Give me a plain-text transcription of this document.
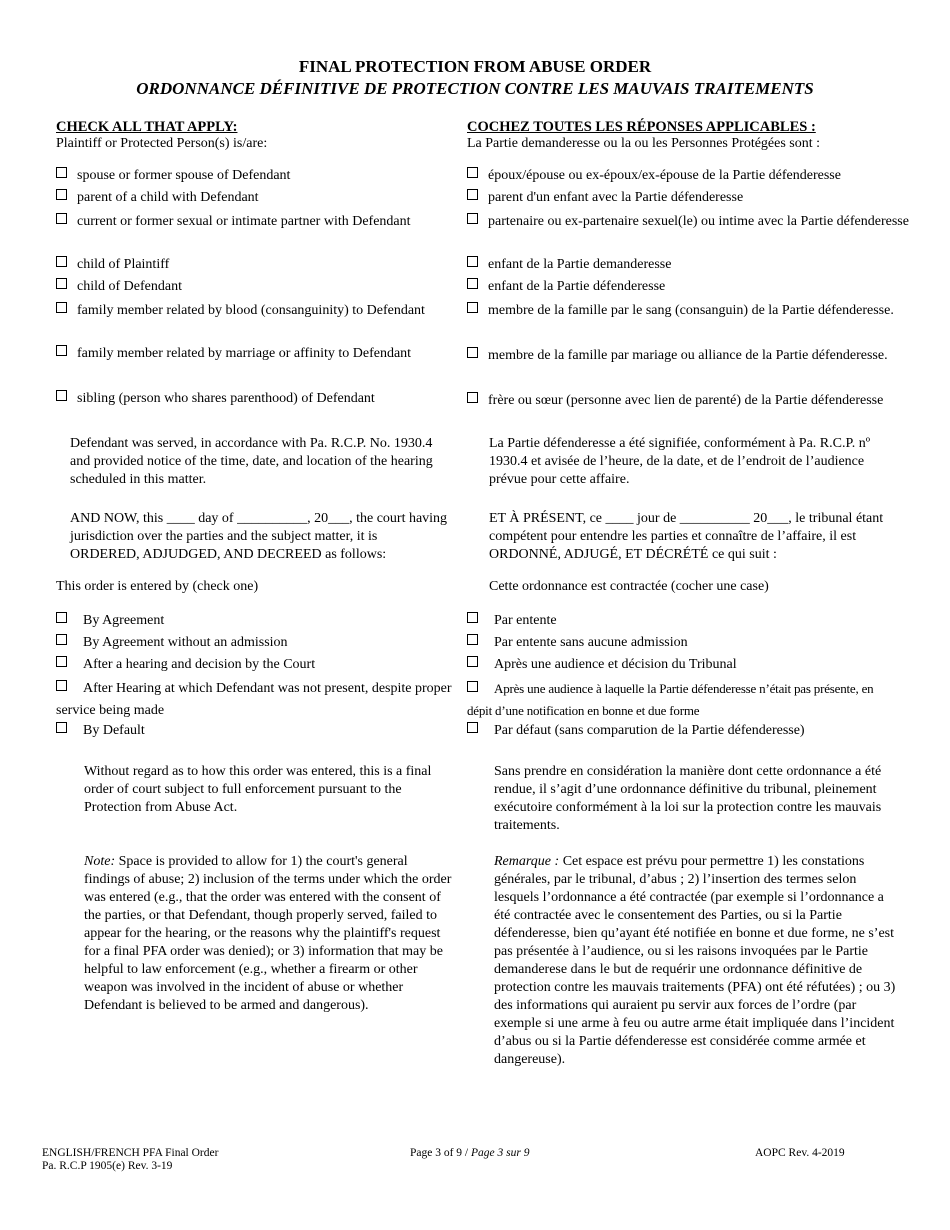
FINAL PROTECTION FROM ABUSE ORDER
ORDONNANCE DÉFINITIVE DE PROTECTION CONTRE LES MAUVAIS TRAITEMENTS
CHECK ALL THAT APPLY:
Plaintiff or Protected Person(s) is/are:
COCHEZ TOUTES LES RÉPONSES APPLICABLES :
La Partie demanderesse ou la ou les Personnes Protégées sont :
spouse or former spouse of Defendant
parent of a child with Defendant
current or former sexual or intimate partner with Defendant
child of Plaintiff
child of Defendant
family member related by blood (consanguinity) to Defendant
family member related by marriage or affinity to Defendant
sibling (person who shares parenthood) of Defendant
époux/épouse ou ex-époux/ex-épouse de la Partie défenderesse
parent d'un enfant avec la Partie défenderesse
partenaire ou ex-partenaire sexuel(le) ou intime avec la Partie défenderesse
enfant de la Partie demanderesse
enfant de la Partie défenderesse
membre de la famille par le sang (consanguin) de la Partie défenderesse.
membre de la famille par mariage ou alliance de la Partie défenderesse.
frère ou sœur (personne avec lien de parenté) de la Partie défenderesse
Defendant was served, in accordance with Pa. R.C.P. No. 1930.4 and provided notice of the time, date, and location of the hearing scheduled in this matter.
La Partie défenderesse a été signifiée, conformément à Pa. R.C.P. nº 1930.4 et avisée de l’heure, de la date, et de l’endroit de l’audience prévue pour cette affaire.
AND NOW, this ____ day of __________, 20___, the court having jurisdiction over the parties and the subject matter, it is ORDERED, ADJUDGED, AND DECREED as follows:
ET À PRÉSENT, ce ____ jour de __________ 20___, le tribunal étant compétent pour entendre les parties et connaître de l’affaire, il est ORDONNÉ, ADJUGÉ, ET DÉCRÉTÉ ce qui suit :
This order is entered by (check one)	Cette ordonnance est contractée (cocher une case)
By Agreement
By Agreement without an admission
After a hearing and decision by the Court
After Hearing at which Defendant was not present, despite proper service being made
By Default
Par entente
Par entente sans aucune admission
Après une audience et décision du Tribunal
Après une audience à laquelle la Partie défenderesse n’était pas présente, en dépit d’une notification en bonne et due forme
Par défaut (sans comparution de la Partie défenderesse)
Without regard as to how this order was entered, this is a final order of court subject to full enforcement pursuant to the Protection from Abuse Act.
Sans prendre en considération la manière dont cette ordonnance a été rendue, il s’agit d’une ordonnance définitive du tribunal, pleinement exécutoire conformément à la loi sur la protection contre les mauvais traitements.
Note: Space is provided to allow for 1) the court's general findings of abuse; 2) inclusion of the terms under which the order was entered (e.g., that the order was entered with the consent of the parties, or that Defendant, though properly served, failed to appear for the hearing, or the reasons why the plaintiff's request for a final PFA order was denied); or 3) information that may be helpful to law enforcement (e.g., whether a firearm or other weapon was involved in the incident of abuse or whether Defendant is believed to be armed and dangerous).
Remarque : Cet espace est prévu pour permettre 1) les constations générales, par le tribunal, d’abus ; 2) l’insertion des termes selon lesquels l’ordonnance a été contractée (par exemple si l’ordonnance a été contractée avec le consentement des Parties, ou si la Partie défenderesse, bien qu’ayant été notifiée en bonne et due forme, ne s’est pas présentée à l’audience, ou si les raisons invoquées par le Partie demanderese dans le but de requérir une ordonnance définitive de protection contre les mauvais traitements (PFA) ont été réfutées) ; ou 3) des informations qui auraient pu servir aux forces de l’ordre (par exemple si une arme à feu ou autre arme était impliquée dans l’incident d’abus ou si la Partie défenderesse est considérée comme armée et dangereuse).
ENGLISH/FRENCH PFA Final Order
Pa. R.C.P 1905(e) Rev. 3-19
Page 3 of 9 / Page 3 sur 9	AOPC Rev. 4-2019
